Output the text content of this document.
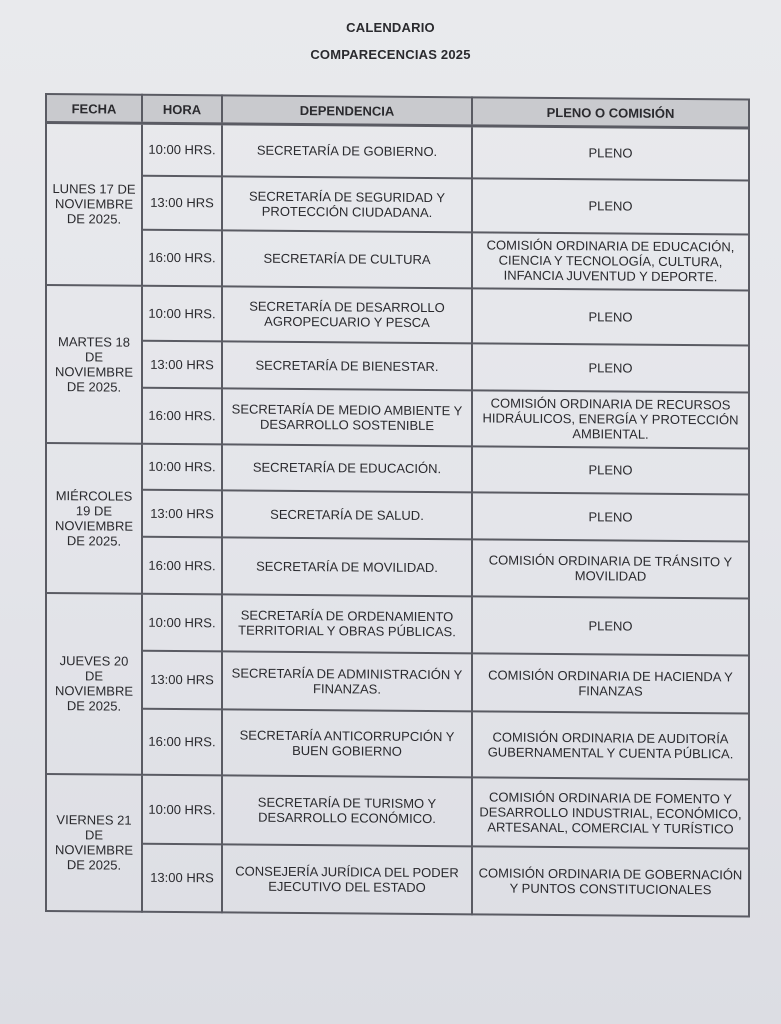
CALENDARIO
COMPARECENCIAS 2025
FECHA	HORA	DEPENDENCIA	PLENO O COMISIÓN
LUNES 17 DE NOVIEMBRE DE 2025.	10:00 HRS.	SECRETARÍA DE GOBIERNO.	PLENO
	13:00 HRS	SECRETARÍA DE SEGURIDAD Y PROTECCIÓN CIUDADANA.	PLENO
	16:00 HRS.	SECRETARÍA DE CULTURA	COMISIÓN ORDINARIA DE EDUCACIÓN, CIENCIA Y TECNOLOGÍA, CULTURA, INFANCIA JUVENTUD Y DEPORTE.
MARTES 18 DE NOVIEMBRE DE 2025.	10:00 HRS.	SECRETARÍA DE DESARROLLO AGROPECUARIO Y PESCA	PLENO
	13:00 HRS	SECRETARÍA DE BIENESTAR.	PLENO
	16:00 HRS.	SECRETARÍA DE MEDIO AMBIENTE Y DESARROLLO SOSTENIBLE	COMISIÓN ORDINARIA DE RECURSOS HIDRÁULICOS, ENERGÍA Y PROTECCIÓN AMBIENTAL.
MIÉRCOLES 19 DE NOVIEMBRE DE 2025.	10:00 HRS.	SECRETARÍA DE EDUCACIÓN.	PLENO
	13:00 HRS	SECRETARÍA DE SALUD.	PLENO
	16:00 HRS.	SECRETARÍA DE MOVILIDAD.	COMISIÓN ORDINARIA DE TRÁNSITO Y MOVILIDAD
JUEVES 20 DE NOVIEMBRE DE 2025.	10:00 HRS.	SECRETARÍA DE ORDENAMIENTO TERRITORIAL Y OBRAS PÚBLICAS.	PLENO
	13:00 HRS	SECRETARÍA DE ADMINISTRACIÓN Y FINANZAS.	COMISIÓN ORDINARIA DE HACIENDA Y FINANZAS
	16:00 HRS.	SECRETARÍA ANTICORRUPCIÓN Y BUEN GOBIERNO	COMISIÓN ORDINARIA DE AUDITORÍA GUBERNAMENTAL Y CUENTA PÚBLICA.
VIERNES 21 DE NOVIEMBRE DE 2025.	10:00 HRS.	SECRETARÍA DE TURISMO Y DESARROLLO ECONÓMICO.	COMISIÓN ORDINARIA DE FOMENTO Y DESARROLLO INDUSTRIAL, ECONÓMICO, ARTESANAL, COMERCIAL Y TURÍSTICO
	13:00 HRS	CONSEJERÍA JURÍDICA DEL PODER EJECUTIVO DEL ESTADO	COMISIÓN ORDINARIA DE GOBERNACIÓN Y PUNTOS CONSTITUCIONALES
